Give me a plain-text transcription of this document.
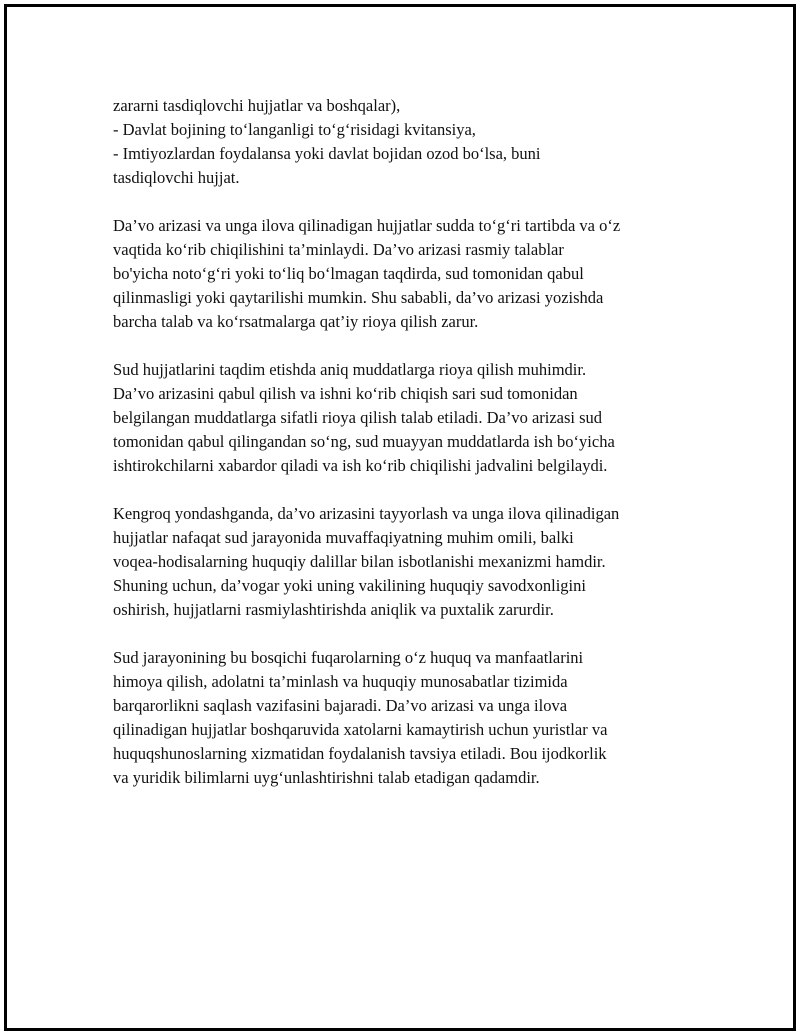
zararni tasdiqlovchi hujjatlar va boshqalar),
- Davlat bojining to‘langanligi to‘g‘risidagi kvitansiya,
- Imtiyozlardan foydalansa yoki davlat bojidan ozod bo‘lsa, buni
tasdiqlovchi hujjat.

Da’vo arizasi va unga ilova qilinadigan hujjatlar sudda to‘g‘ri tartibda va o‘z
vaqtida ko‘rib chiqilishini ta’minlaydi. Da’vo arizasi rasmiy talablar
bo'yicha noto‘g‘ri yoki to‘liq bo‘lmagan taqdirda, sud tomonidan qabul
qilinmasligi yoki qaytarilishi mumkin. Shu sababli, da’vo arizasi yozishda
barcha talab va ko‘rsatmalarga qat’iy rioya qilish zarur.

Sud hujjatlarini taqdim etishda aniq muddatlarga rioya qilish muhimdir.
Da’vo arizasini qabul qilish va ishni ko‘rib chiqish sari sud tomonidan
belgilangan muddatlarga sifatli rioya qilish talab etiladi. Da’vo arizasi sud
tomonidan qabul qilingandan so‘ng, sud muayyan muddatlarda ish bo‘yicha
ishtirokchilarni xabardor qiladi va ish ko‘rib chiqilishi jadvalini belgilaydi.

Kengroq yondashganda, da’vo arizasini tayyorlash va unga ilova qilinadigan
hujjatlar nafaqat sud jarayonida muvaffaqiyatning muhim omili, balki
voqea-hodisalarning huquqiy dalillar bilan isbotlanishi mexanizmi hamdir.
Shuning uchun, da’vogar yoki uning vakilining huquqiy savodxonligini
oshirish, hujjatlarni rasmiylashtirishda aniqlik va puxtalik zarurdir.

Sud jarayonining bu bosqichi fuqarolarning o‘z huquq va manfaatlarini
himoya qilish, adolatni ta’minlash va huquqiy munosabatlar tizimida
barqarorlikni saqlash vazifasini bajaradi. Da’vo arizasi va unga ilova
qilinadigan hujjatlar boshqaruvida xatolarni kamaytirish uchun yuristlar va
huquqshunoslarning xizmatidan foydalanish tavsiya etiladi. Bou ijodkorlik
va yuridik bilimlarni uyg‘unlashtirishni talab etadigan qadamdir.
